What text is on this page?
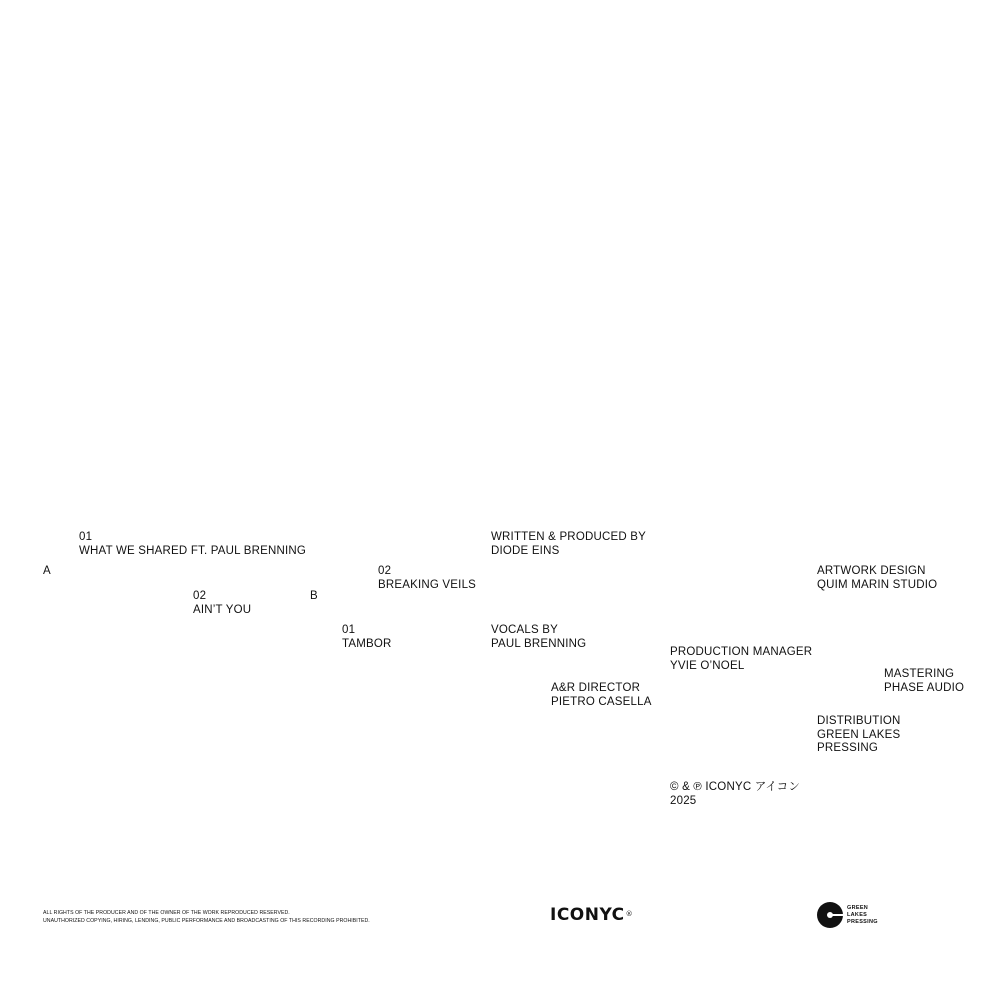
A
01
WHAT WE SHARED FT. PAUL BRENNING
02
AIN’T YOU
B
01
TAMBOR
02
BREAKING VEILS
WRITTEN & PRODUCED BY
DIODE EINS
VOCALS BY
PAUL BRENNING
A&R DIRECTOR
PIETRO CASELLA
PRODUCTION MANAGER
YVIE O’NOEL
ARTWORK DESIGN
QUIM MARIN STUDIO
MASTERING
PHASE AUDIO
DISTRIBUTION
GREEN LAKES
PRESSING
© & ℗ ICONYC アイコン
2025
ALL RIGHTS OF THE PRODUCER AND OF THE OWNER OF THE WORK REPRODUCED RESERVED.
UNAUTHORIZED COPYING, HIRING, LENDING, PUBLIC PERFORMANCE AND BROADCASTING OF THIS RECORDING PROHIBITED.	ICONYC®
GREEN
LAKES
PRESSING
